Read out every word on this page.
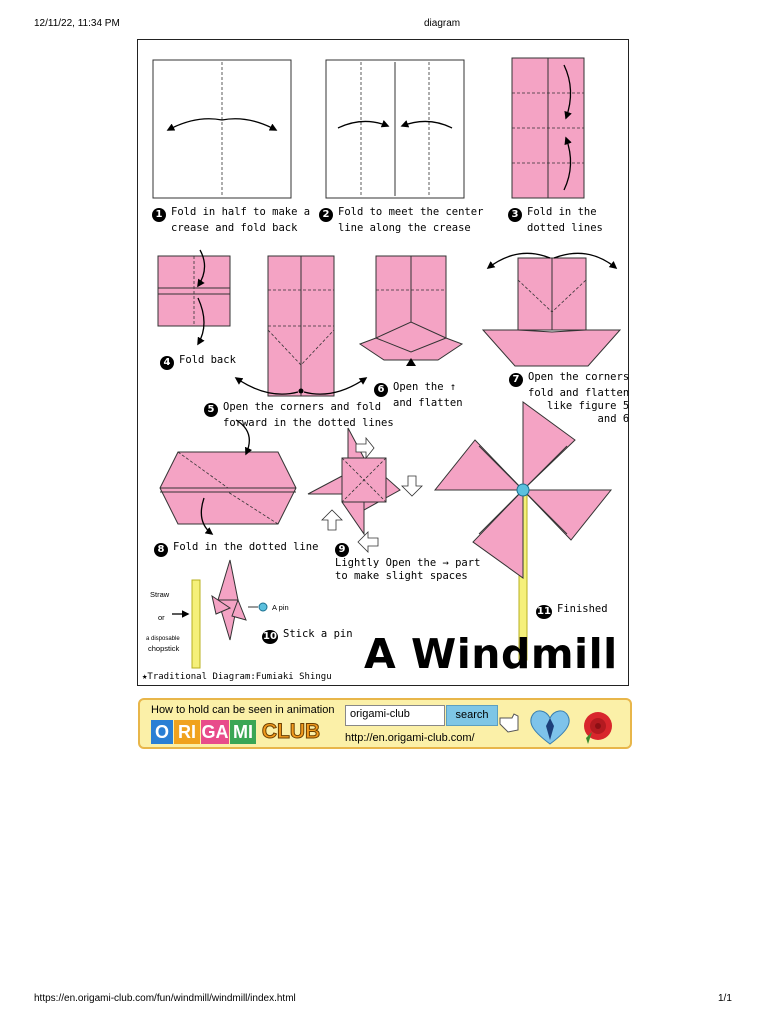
12/11/22, 11:34 PM	diagram
1 Fold in half to make a
crease and fold back
2 Fold to meet the center
line along the crease
3 Fold in the
dotted lines
4 Fold back
5 Open the corners and fold
forward in the dotted lines
6 Open the ↑
and flatten
7 Open the corners
fold and flatten
like figure 5
and 6
8 Fold in the dotted line	9
Lightly Open the → part
to make slight spaces
10 Stick a pin
11 Finished
Straw
or
a disposable
chopstick
A pin
★Traditional Diagram:Fumiaki Shingu A Windmill
How to hold can be seen in animation
O RI GA MI CLUB
origami-club	search
http://en.origami-club.com/
https://en.origami-club.com/fun/windmill/windmill/index.html	1/1
